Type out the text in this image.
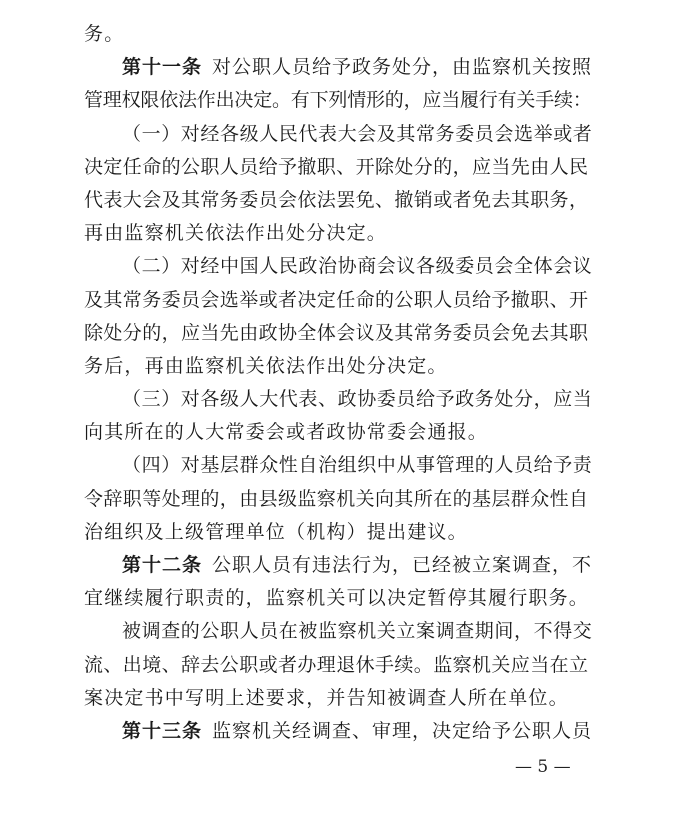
务。
第十一条 对公职人员给予政务处分，由监察机关按照
管理权限依法作出决定。有下列情形的，应当履行有关手续：
（一）对经各级人民代表大会及其常务委员会选举或者
决定任命的公职人员给予撤职、开除处分的，应当先由人民
代表大会及其常务委员会依法罢免、撤销或者免去其职务，
再由监察机关依法作出处分决定。
（二）对经中国人民政治协商会议各级委员会全体会议
及其常务委员会选举或者决定任命的公职人员给予撤职、开
除处分的，应当先由政协全体会议及其常务委员会免去其职
务后，再由监察机关依法作出处分决定。
（三）对各级人大代表、政协委员给予政务处分，应当
向其所在的人大常委会或者政协常委会通报。
（四）对基层群众性自治组织中从事管理的人员给予责
令辞职等处理的，由县级监察机关向其所在的基层群众性自
治组织及上级管理单位（机构）提出建议。
第十二条 公职人员有违法行为，已经被立案调查，不
宜继续履行职责的，监察机关可以决定暂停其履行职务。
被调查的公职人员在被监察机关立案调查期间，不得交
流、出境、辞去公职或者办理退休手续。监察机关应当在立
案决定书中写明上述要求，并告知被调查人所在单位。
第十三条 监察机关经调查、审理，决定给予公职人员
— 5 —
